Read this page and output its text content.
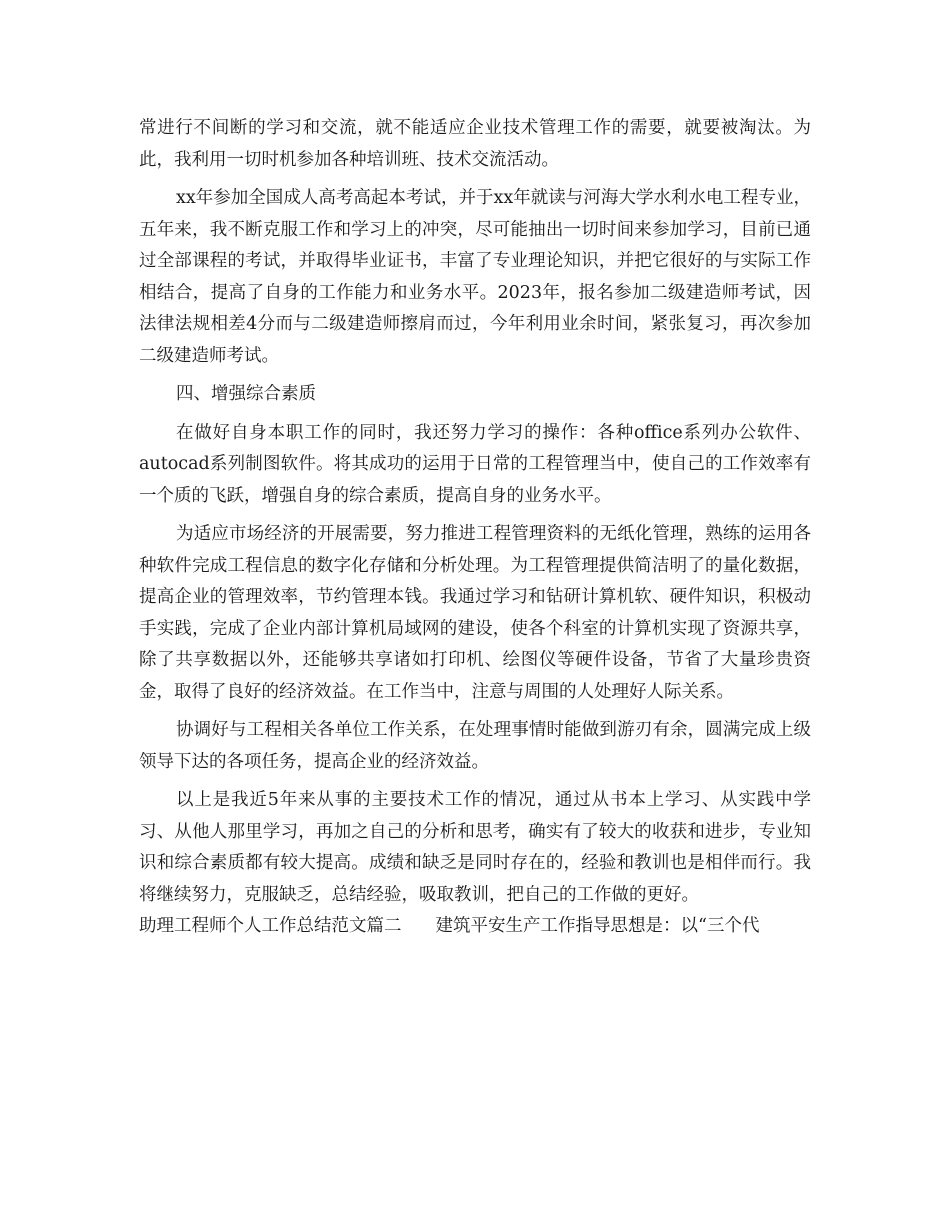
常进行不间断的学习和交流，就不能适应企业技术管理工作的需要，就要被淘汰。为此，我利用一切时机参加各种培训班、技术交流活动。

xx年参加全国成人高考高起本考试，并于xx年就读与河海大学水利水电工程专业，五年来，我不断克服工作和学习上的冲突，尽可能抽出一切时间来参加学习，目前已通过全部课程的考试，并取得毕业证书，丰富了专业理论知识，并把它很好的与实际工作相结合，提高了自身的工作能力和业务水平。2023年，报名参加二级建造师考试，因法律法规相差4分而与二级建造师擦肩而过，今年利用业余时间，紧张复习，再次参加二级建造师考试。

四、增强综合素质

在做好自身本职工作的同时，我还努力学习的操作：各种office系列办公软件、autocad系列制图软件。将其成功的运用于日常的工程管理当中，使自己的工作效率有一个质的飞跃，增强自身的综合素质，提高自身的业务水平。

为适应市场经济的开展需要，努力推进工程管理资料的无纸化管理，熟练的运用各种软件完成工程信息的数字化存储和分析处理。为工程管理提供简洁明了的量化数据，提高企业的管理效率，节约管理本钱。我通过学习和钻研计算机软、硬件知识，积极动手实践，完成了企业内部计算机局域网的建设，使各个科室的计算机实现了资源共享，除了共享数据以外，还能够共享诸如打印机、绘图仪等硬件设备，节省了大量珍贵资金，取得了良好的经济效益。在工作当中，注意与周围的人处理好人际关系。

协调好与工程相关各单位工作关系，在处理事情时能做到游刃有余，圆满完成上级领导下达的各项任务，提高企业的经济效益。

以上是我近5年来从事的主要技术工作的情况，通过从书本上学习、从实践中学习、从他人那里学习，再加之自己的分析和思考，确实有了较大的收获和进步，专业知识和综合素质都有较大提高。成绩和缺乏是同时存在的，经验和教训也是相伴而行。我将继续努力，克服缺乏，总结经验，吸取教训，把自己的工作做的更好。

助理工程师个人工作总结范文篇二 建筑平安生产工作指导思想是：以“三个代
